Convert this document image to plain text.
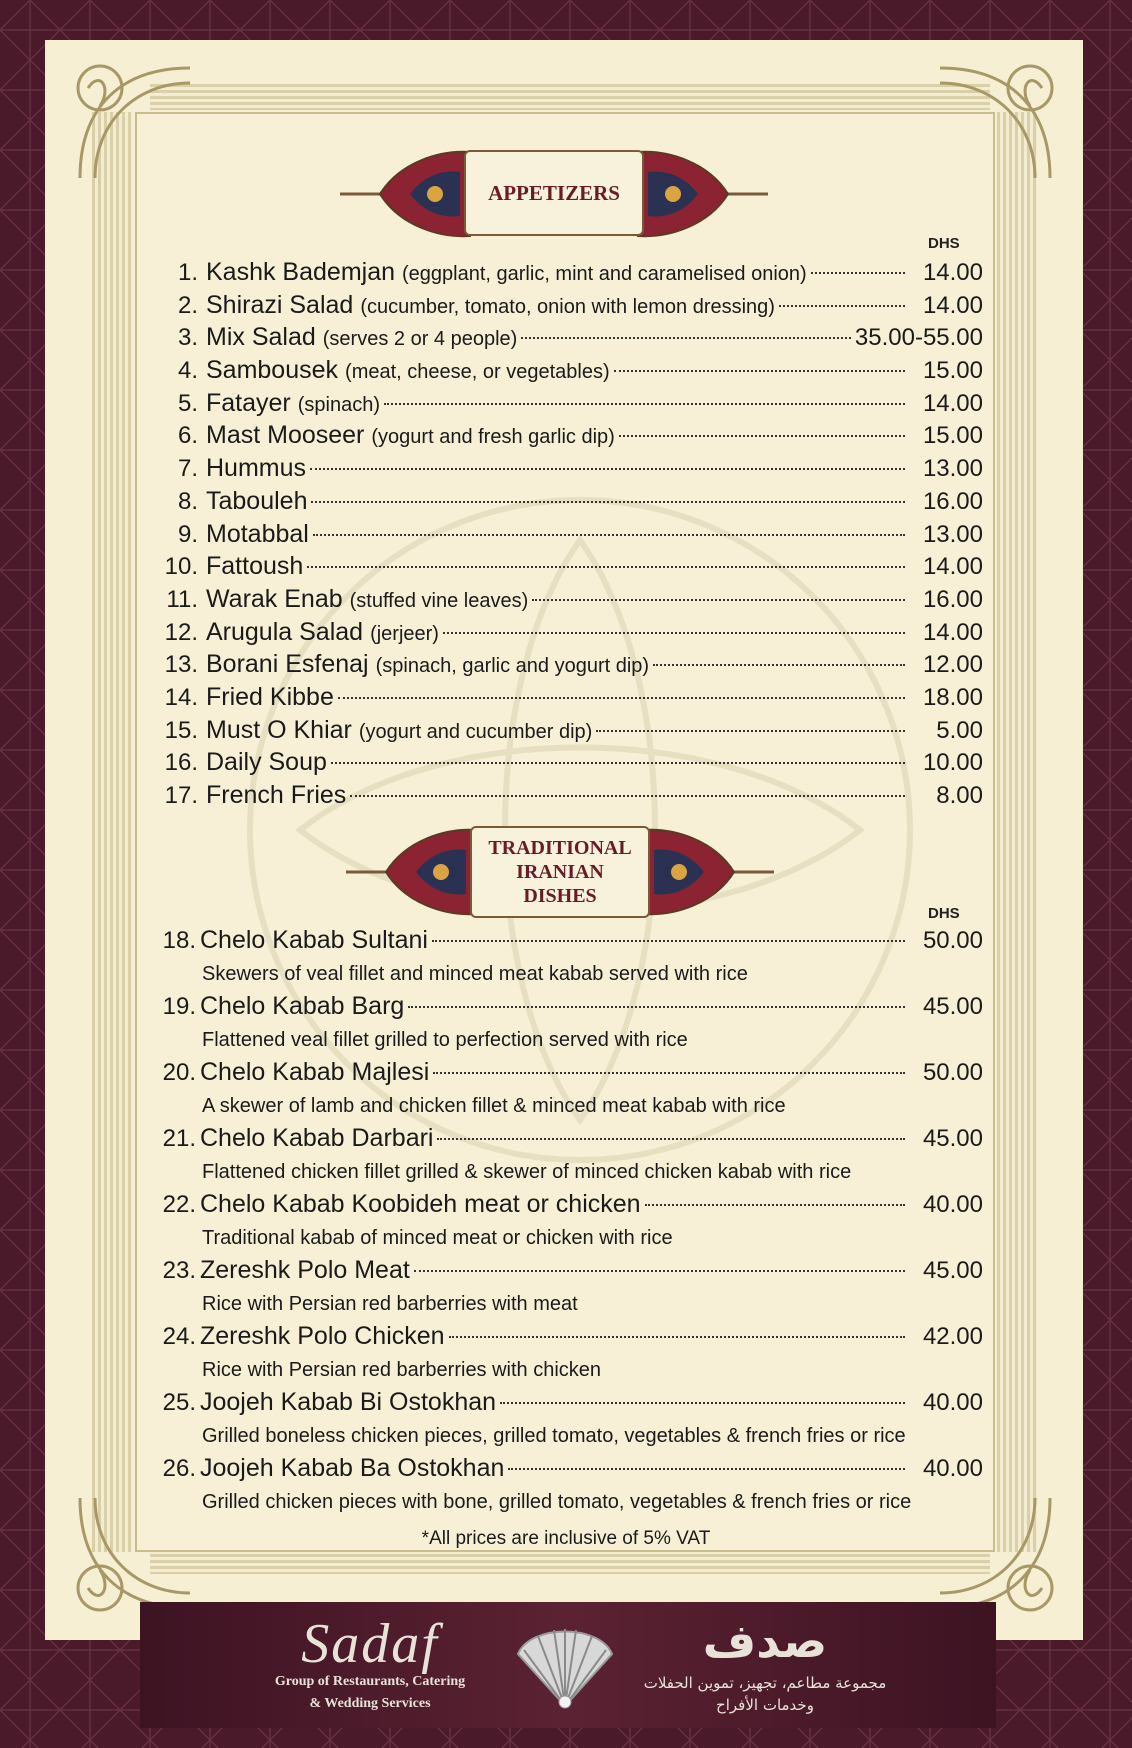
APPETIZERS
DHS
1. Kashk Bademjan (eggplant, garlic, mint and caramelised onion)	14.00
2. Shirazi Salad (cucumber, tomato, onion with lemon dressing)	14.00
3. Mix Salad (serves 2 or 4 people)	35.00-55.00
4. Sambousek (meat, cheese, or vegetables)	15.00
5. Fatayer (spinach)	14.00
6. Mast Mooseer (yogurt and fresh garlic dip)	15.00
7. Hummus	13.00
8. Tabouleh	16.00
9. Motabbal	13.00
10. Fattoush	14.00
11. Warak Enab (stuffed vine leaves)	16.00
12. Arugula Salad (jerjeer)	14.00
13. Borani Esfenaj (spinach, garlic and yogurt dip)	12.00
14. Fried Kibbe	18.00
15. Must O Khiar (yogurt and cucumber dip)	5.00
16. Daily Soup	10.00
17. French Fries	8.00
TRADITIONAL IRANIAN DISHES
DHS
18. Chelo Kabab Sultani	50.00
Skewers of veal fillet and minced meat kabab served with rice
19. Chelo Kabab Barg	45.00
Flattened veal fillet grilled to perfection served with rice
20. Chelo Kabab Majlesi	50.00
A skewer of lamb and chicken fillet & minced meat kabab with rice
21. Chelo Kabab Darbari	45.00
Flattened chicken fillet grilled & skewer of minced chicken kabab with rice
22. Chelo Kabab Koobideh meat or chicken	40.00
Traditional kabab of minced meat or chicken with rice
23. Zereshk Polo Meat	45.00
Rice with Persian red barberries with meat
24. Zereshk Polo Chicken	42.00
Rice with Persian red barberries with chicken
25. Joojeh Kabab Bi Ostokhan	40.00
Grilled boneless chicken pieces, grilled tomato, vegetables & french fries or rice
26. Joojeh Kabab Ba Ostokhan	40.00
Grilled chicken pieces with bone, grilled tomato, vegetables & french fries or rice
*All prices are inclusive of 5% VAT
Sadaf
Group of Restaurants, Catering
& Wedding Services
صدف
مجموعة مطاعم، تجهيز، تموين الحفلات
وخدمات الأفراح
